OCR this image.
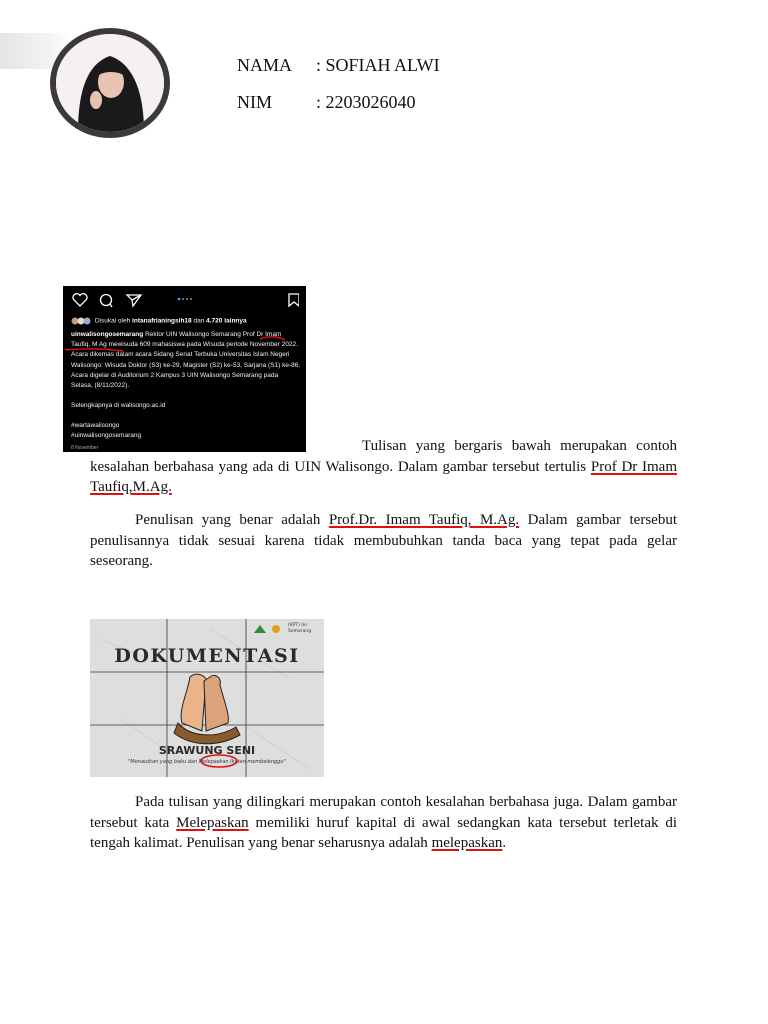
NAMA : SOFIAH ALWI
NIM : 2203026040
Disukai oleh intanafrianingsih18 dan 4.720 lainnya
uinwalisongosemarang Rektor UIN Walisongo Semarang Prof Dr Imam Taufiq, M Ag mewisuda 609 mahasiswa pada Wisuda periode November 2022. Acara dikemas dalam acara Sidang Senat Terbuka Universitas Islam Negeri Walisongo: Wisuda Doktor (S3) ke-29, Magister (S2) ke-53, Sarjana (S1) ke-86. Acara digelar di Auditorium 2 Kampus 3 UIN Walisongo Semarang pada Selasa, (8/11/2022).
Selengkapnya di walisongo.ac.id
#wartawalisongo
#uinwalisongosemarang
8 November	Tulisan yang bergaris bawah merupakan contoh kesalahan berbahasa yang ada di UIN Walisongo. Dalam gambar tersebut tertulis Prof Dr Imam Taufiq,M.Ag.

Penulisan yang benar adalah Prof.Dr. Imam Taufiq, M.Ag. Dalam gambar tersebut penulisannya tidak sesuai karena tidak membubuhkan tanda baca yang tepat pada gelar seseorang.

(KPT) Ini
Semarang
DOKUMENTASI
SRAWUNG SENI
"Menautkan yang baku dan Melepaskan Ikatan membelenggu"

Pada tulisan yang dilingkari merupakan contoh kesalahan berbahasa juga. Dalam gambar tersebut kata Melepaskan memiliki huruf kapital di awal sedangkan kata tersebut terletak di tengah kalimat. Penulisan yang benar seharusnya adalah melepaskan.
